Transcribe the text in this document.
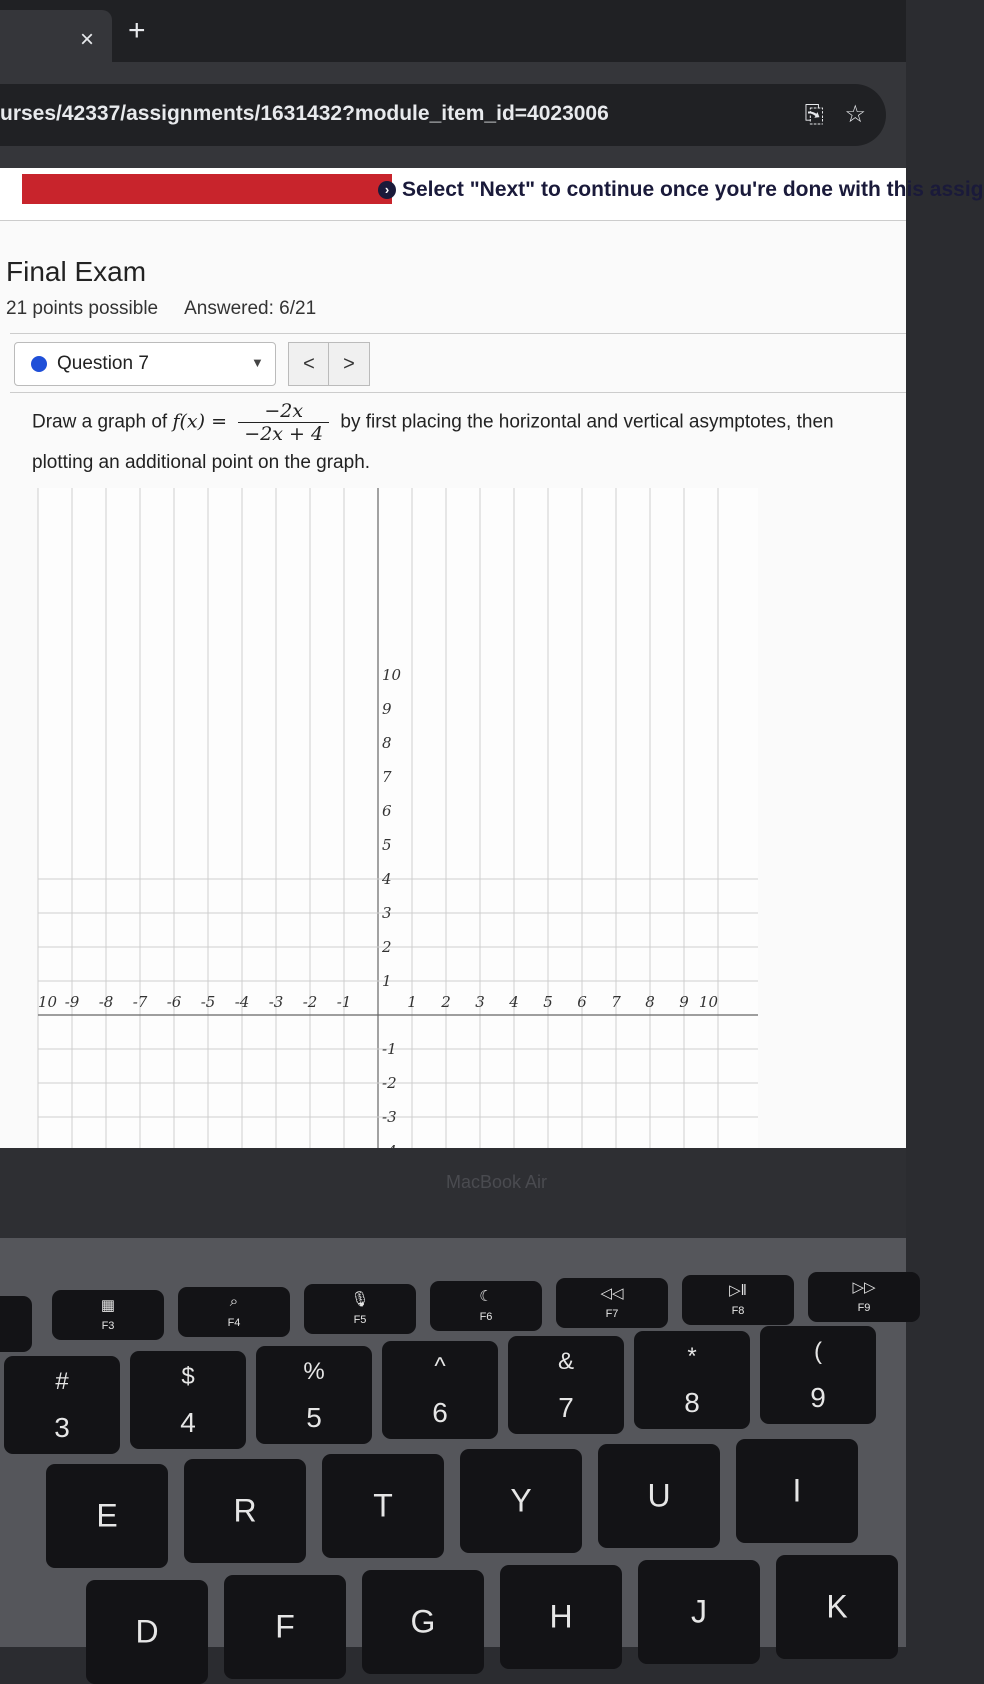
× +
urses/42337/assignments/1631432?module_item_id=4023006	⎘ ☆
› Select "Next" to continue once you're done with this assig
Final Exam
21 points possible Answered: 6/21
Question 7	▼	<	>
Draw a graph of $f(x) = \frac{-2x}{-2x + 4}$ by first placing the horizontal and vertical asymptotes, then plotting an additional point on the graph.
10 -9 -8 -7 -6 -5 -4 -3 -2 -1	1 2 3 4 5 6 7 8 9 10
10
9
8
7
6
5
4
3
2
1
-1
-2
-3
MacBook Air
▦
F3
⌕
F4
🎙
F5
☾
F6
◁◁
F7
▷‖
F8
▷▷
F9
#
3
$
4
%
5
^
6
&
7
*
8
(
9
E	R	T	Y	U	I
D	F	G	H	J	K
